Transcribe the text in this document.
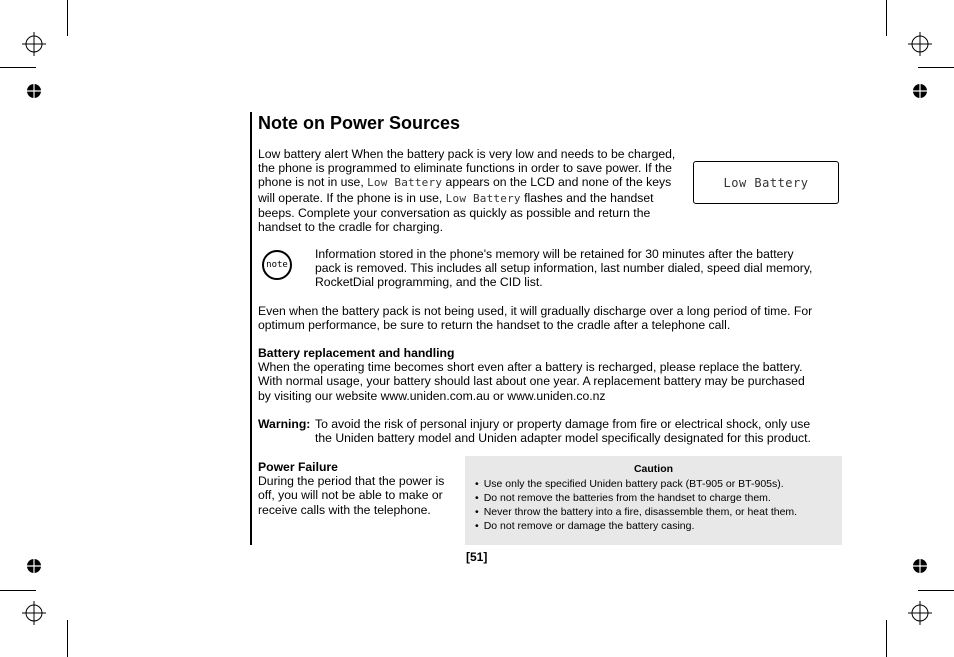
Note on Power Sources
Low battery alert When the battery pack is very low and needs to be charged,
the phone is programmed to eliminate functions in order to save power. If the
phone is not in use, Low Battery appears on the LCD and none of the keys
will operate. If the phone is in use, Low Battery flashes and the handset
beeps. Complete your conversation as quickly as possible and return the
handset to the cradle for charging.
Low Battery
note
Information stored in the phone's memory will be retained for 30 minutes after the battery
pack is removed. This includes all setup information, last number dialed, speed dial memory,
RocketDial programming, and the CID list.
Even when the battery pack is not being used, it will gradually discharge over a long period of time. For
optimum performance, be sure to return the handset to the cradle after a telephone call.
Battery replacement and handling
When the operating time becomes short even after a battery is recharged, please replace the battery.
With normal usage, your battery should last about one year. A replacement battery may be purchased
by visiting our website www.uniden.com.au or www.uniden.co.nz
Warning: To avoid the risk of personal injury or property damage from fire or electrical shock, only use
the Uniden battery model and Uniden adapter model specifically designated for this product.
Power Failure
During the period that the power is
off, you will not be able to make or
receive calls with the telephone.
Caution
• Use only the specified Uniden battery pack (BT-905 or BT-905s).
• Do not remove the batteries from the handset to charge them.
• Never throw the battery into a fire, disassemble them, or heat them.
• Do not remove or damage the battery casing.
[51]
